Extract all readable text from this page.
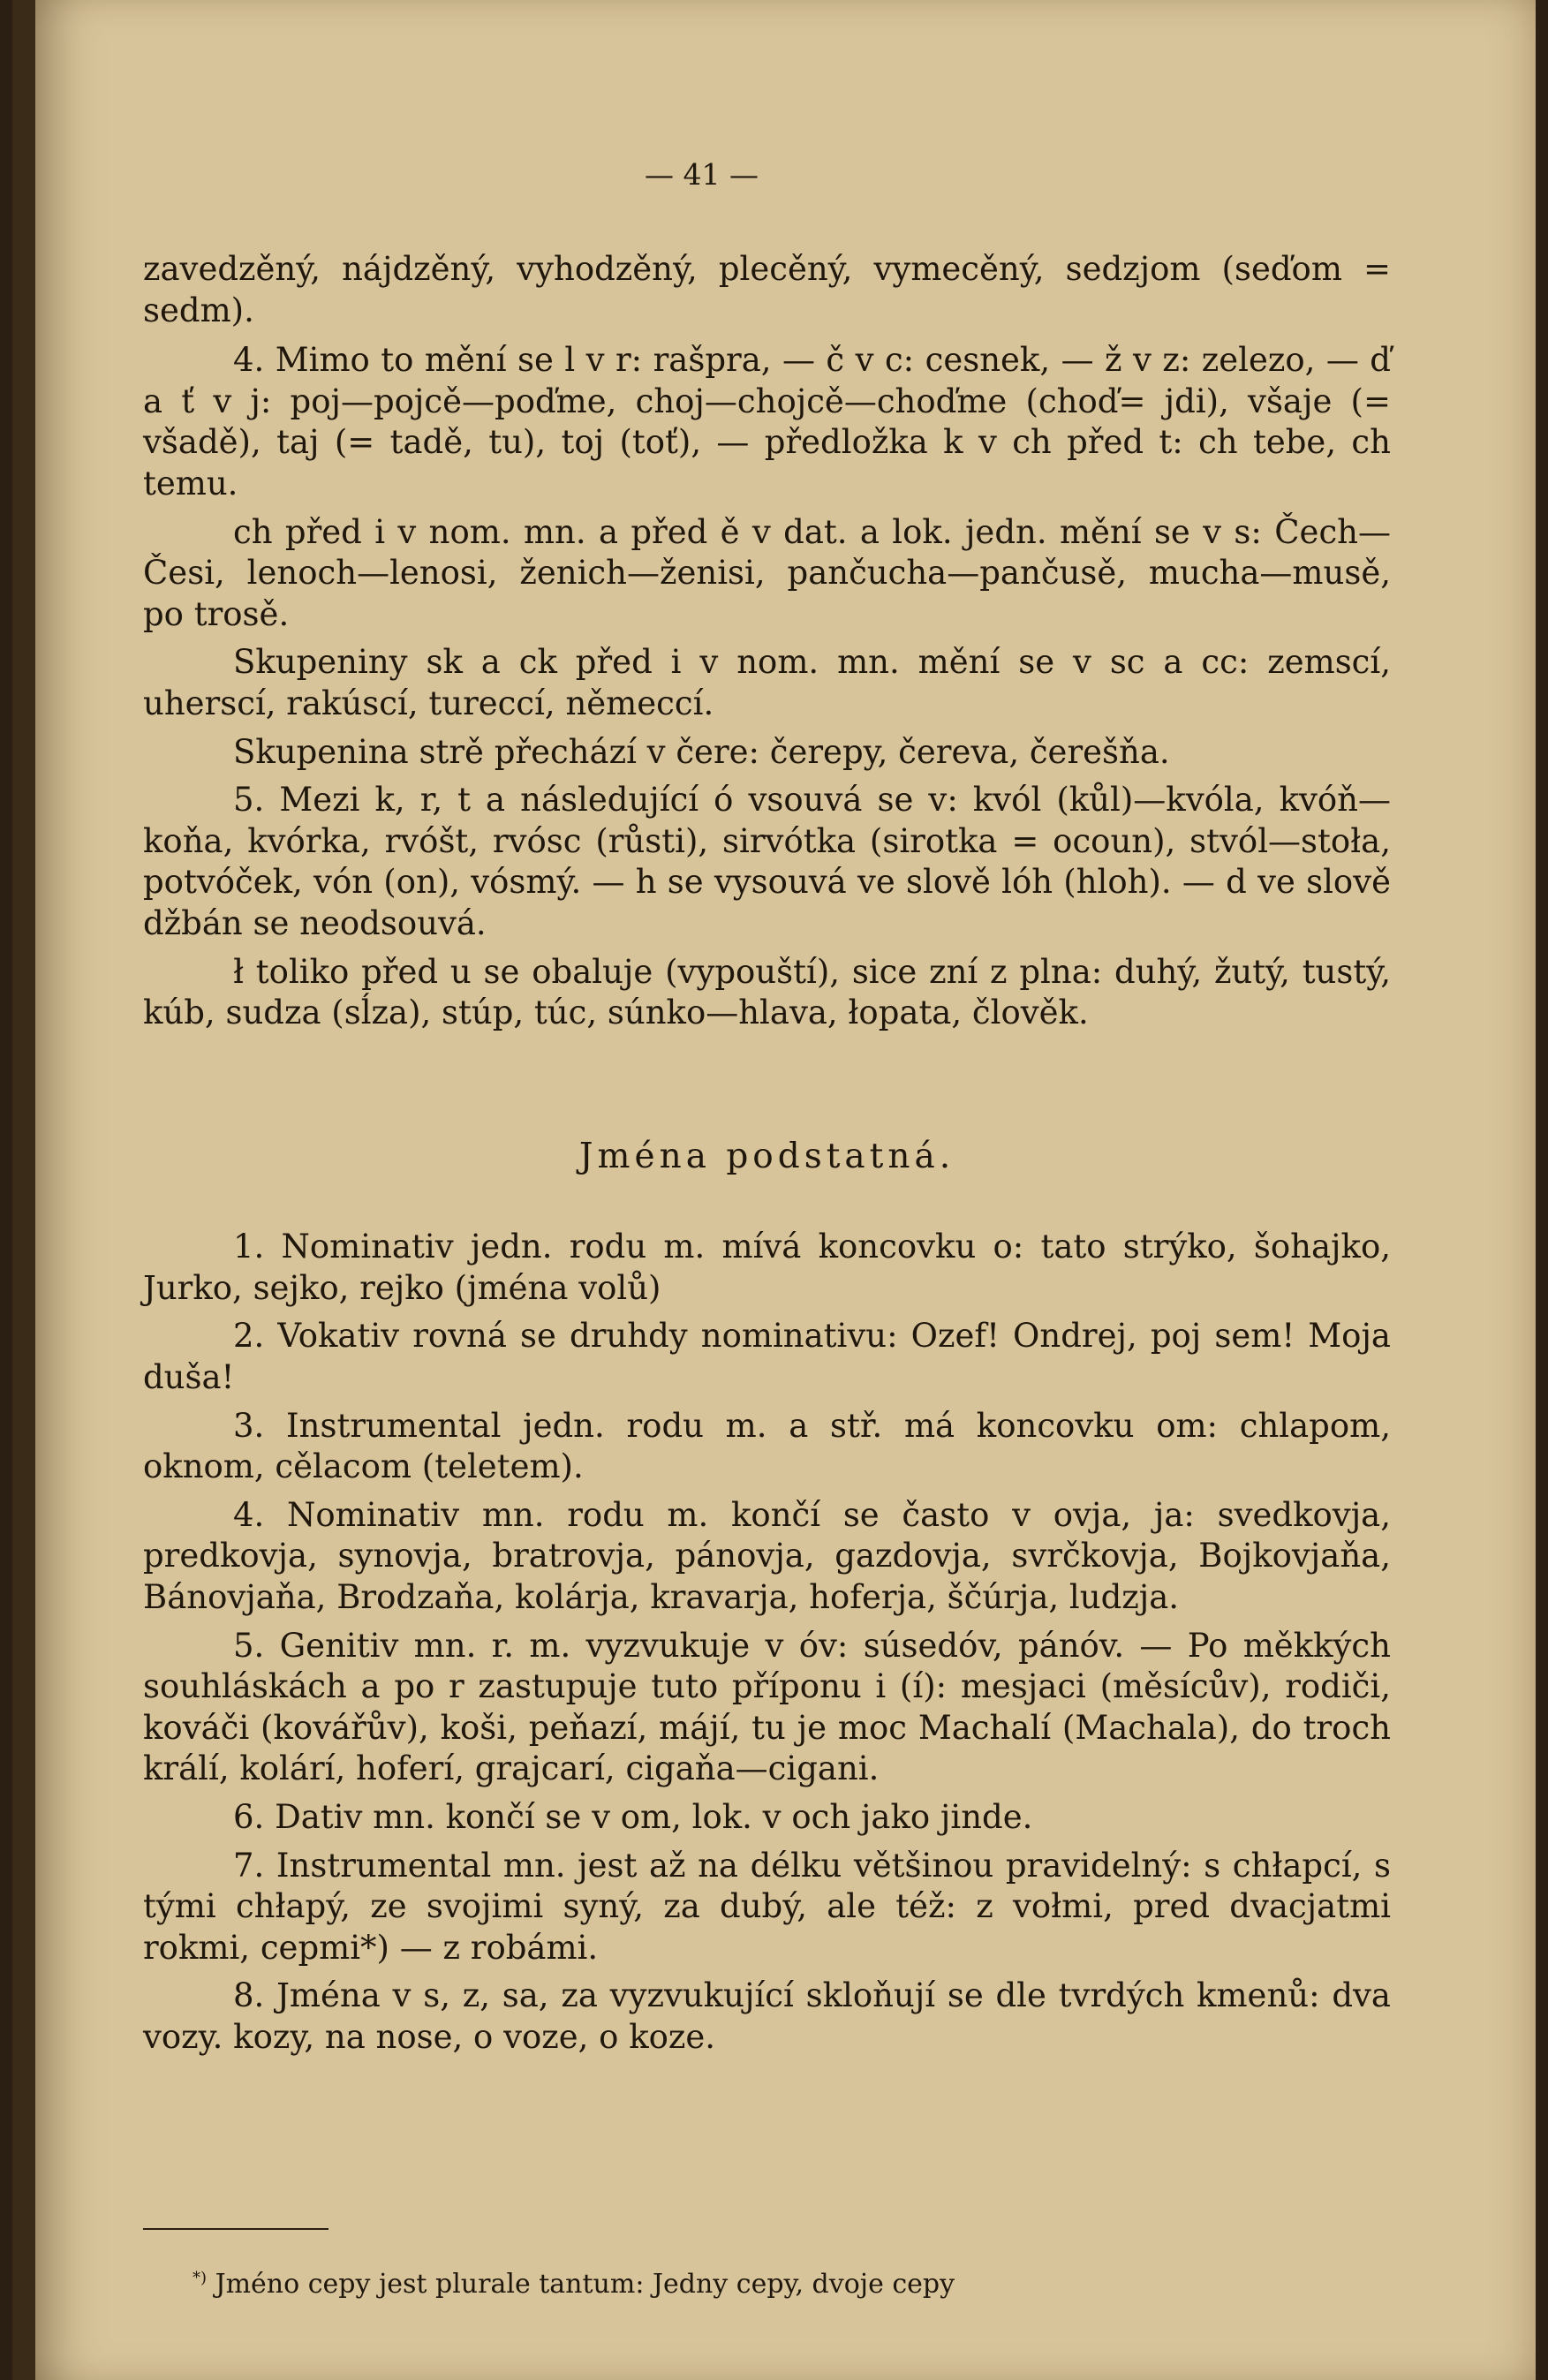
— 41 —

zavedzěný, nájdzěný, vyhodzěný, plecěný, vymecěný, sedzjom (seďom = sedm).

4. Mimo to mění se l v r: rašpra, — č v c: cesnek, — ž v z: zelezo, — ď a ť v j: poj—pojcě—poďme, choj—chojcě—choďme (choď= jdi), všaje (= všadě), taj (= tadě, tu), toj (toť), — předložka k v ch před t: ch tebe, ch temu.

ch před i v nom. mn. a před ě v dat. a lok. jedn. mění se v s: Čech—Česi, lenoch—lenosi, ženich—ženisi, pančucha—pančusě, mucha—musě, po trosě.

Skupeniny sk a ck před i v nom. mn. mění se v sc a cc: zemscí, uherscí, rakúscí, tureccí, němeccí.

Skupenina strě přechází v čere: čerepy, čereva, čerešňa.

5. Mezi k, r, t a následující ó vsouvá se v: kvól (kůl)—kvóla, kvóň—koňa, kvórka, rvóšt, rvósc (růsti), sirvótka (sirotka = ocoun), stvól—stoła, potvóček, vón (on), vósmý. — h se vysouvá ve slově lóh (hloh). — d ve slově džbán se neodsouvá.

ł toliko před u se obaluje (vypouští), sice zní z plna: duhý, žutý, tustý, kúb, sudza (sĺza), stúp, túc, súnko—hlava, łopata, člověk.

Jména podstatná.

1. Nominativ jedn. rodu m. mívá koncovku o: tato strýko, šohajko, Jurko, sejko, rejko (jména volů)

2. Vokativ rovná se druhdy nominativu: Ozef! Ondrej, poj sem! Moja duša!

3. Instrumental jedn. rodu m. a stř. má koncovku om: chlapom, oknom, cělacom (teletem).

4. Nominativ mn. rodu m. končí se často v ovja, ja: svedkovja, predkovja, synovja, bratrovja, pánovja, gazdovja, svrčkovja, Bojkovjaňa, Bánovjaňa, Brodzaňa, kolárja, kravarja, hoferja, ščúrja, ludzja.

5. Genitiv mn. r. m. vyzvukuje v óv: súsedóv, pánóv. — Po měkkých souhláskách a po r zastupuje tuto příponu i (í): mesjaci (měsícův), rodiči, kováči (kovářův), koši, peňazí, májí, tu je moc Machalí (Machala), do troch králí, kolárí, hoferí, grajcarí, cigaňa—cigani.

6. Dativ mn. končí se v om, lok. v och jako jinde.

7. Instrumental mn. jest až na délku většinou pravidelný: s chłapcí, s tými chłapý, ze svojimi syný, za dubý, ale též: z vołmi, pred dvacjatmi rokmi, cepmi*) — z robámi.

8. Jména v s, z, sa, za vyzvukující skloňují se dle tvrdých kmenů: dva vozy. kozy, na nose, o voze, o koze.

*) Jméno cepy jest plurale tantum: Jedny cepy, dvoje cepy
